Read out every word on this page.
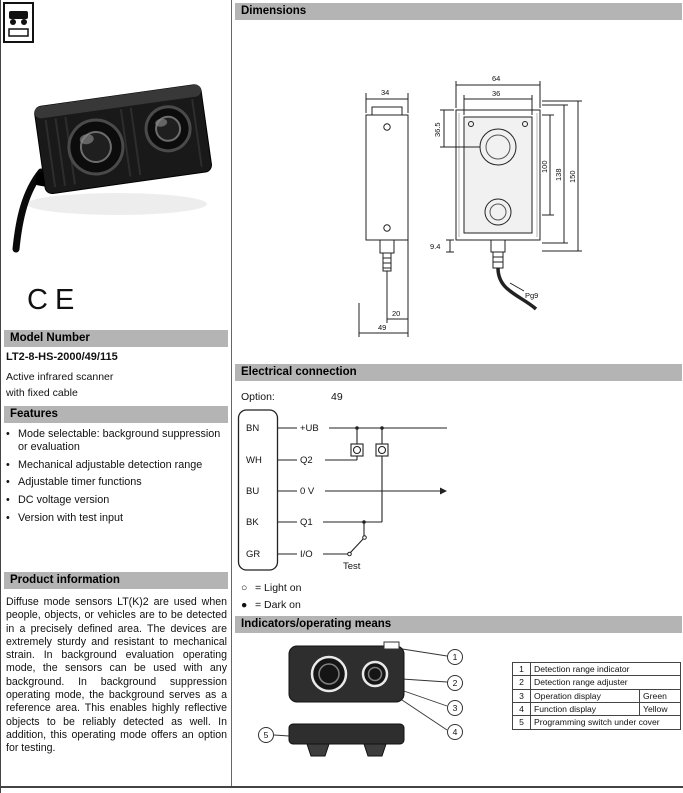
CE
Model Number
LT2-8-HS-2000/49/115
Active infrared scanner
with fixed cable
Features
• Mode selectable: background suppression or evaluation
• Mechanical adjustable detection range
• Adjustable timer functions
• DC voltage version
• Version with test input
Product information
Diffuse mode sensors LT(K)2 are used when people, objects, or vehicles are to be detected in a precisely defined area. The devices are extremely sturdy and resistant to mechanical strain. In background evaluation operating mode, the sensors can be used with any background. In background suppression operating mode, the background serves as a reference area. This enables highly reflective objects to be reliably detected as well. In addition, this operating mode offers an option for testing.
Dimensions
34
20
49
64
36
36.5
100
138 150
9.4
Pg9
Electrical connection
Option:	49
BN
WH
BU
BK
GR
+UB
Q2
0 V
Q1
I/O
Test
○ = Light on
● = Dark on
Indicators/operating means
1
2
3
4
5
1	Detection range indicator	
2	Detection range adjuster	
3	Operation display	Green
4	Function display	Yellow
5	Programming switch under cover	
